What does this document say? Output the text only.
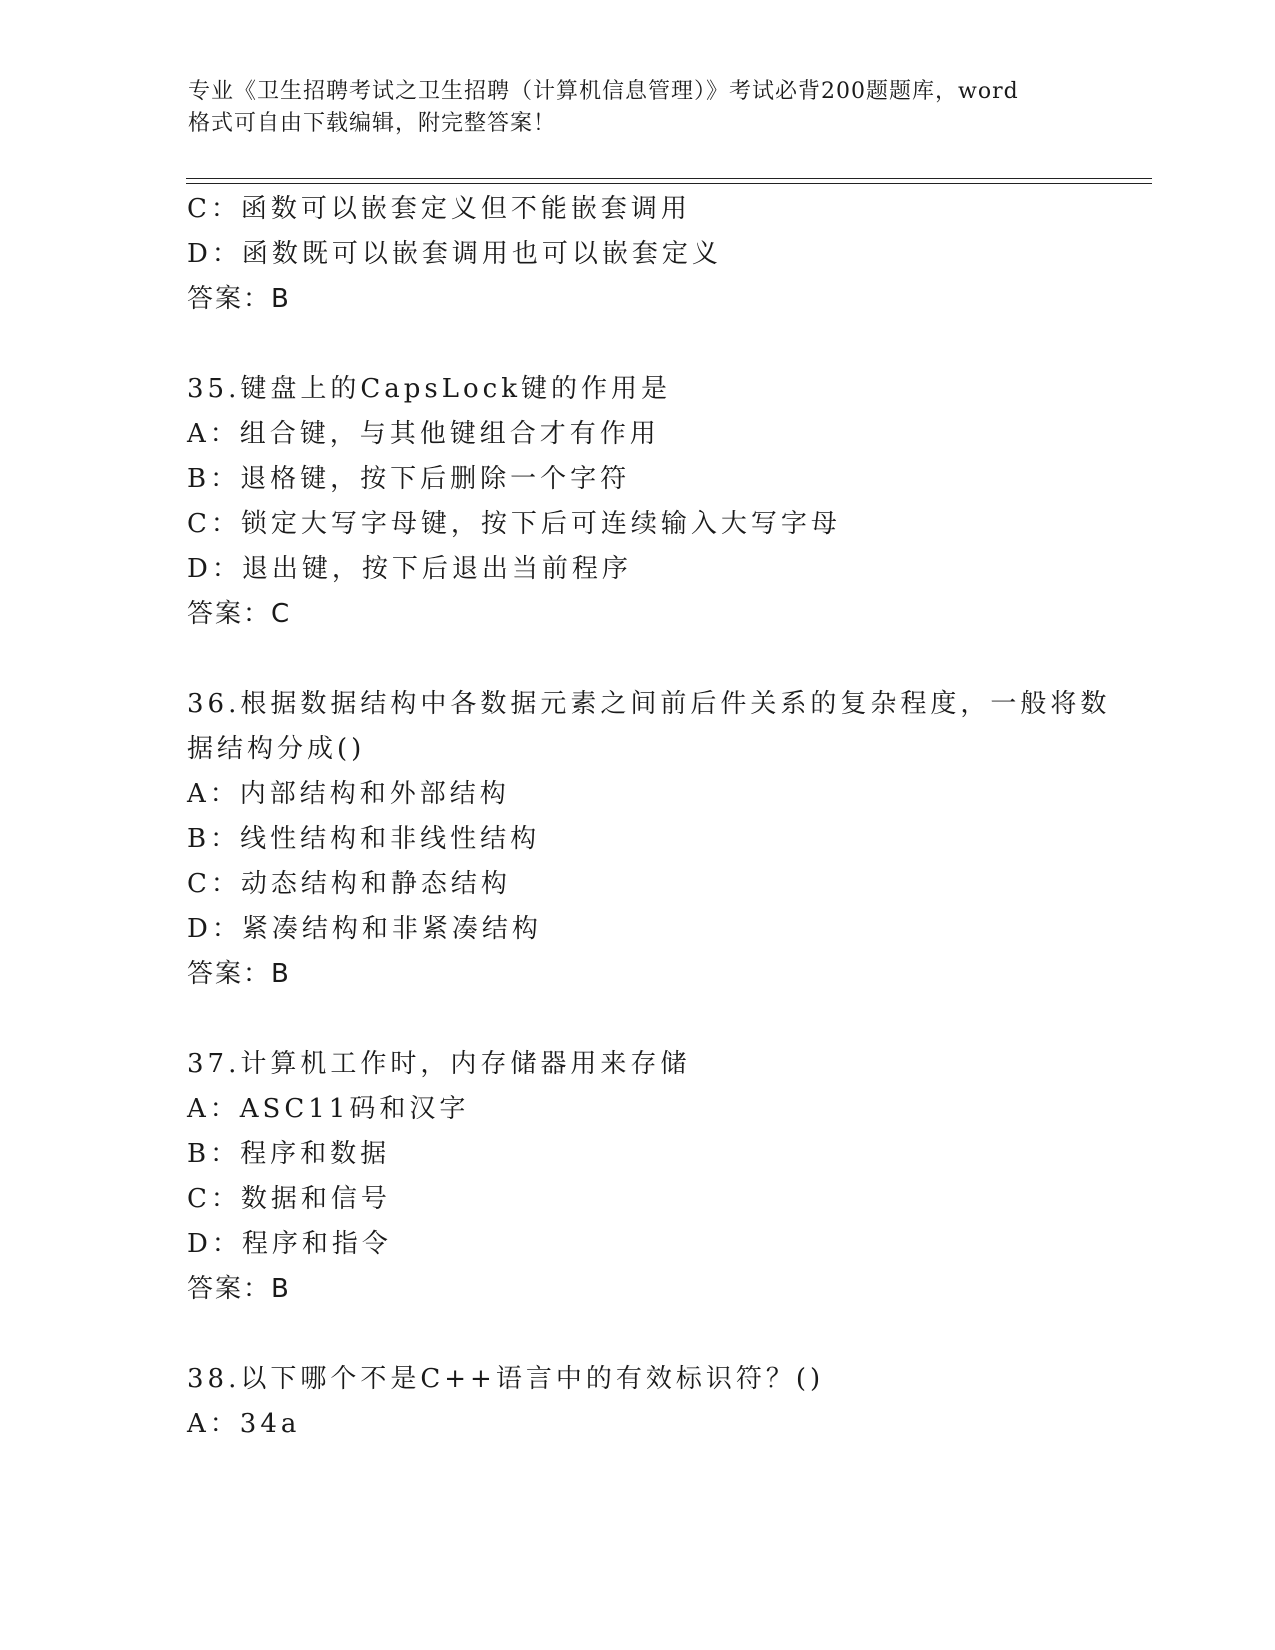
专业《卫生招聘考试之卫生招聘（计算机信息管理）》考试必背200题题库，word
格式可自由下载编辑，附完整答案！
C：函数可以嵌套定义但不能嵌套调用
D：函数既可以嵌套调用也可以嵌套定义
答案：B
35.键盘上的CapsLock键的作用是
A：组合键，与其他键组合才有作用
B：退格键，按下后删除一个字符
C：锁定大写字母键，按下后可连续输入大写字母
D：退出键，按下后退出当前程序
答案：C
36.根据数据结构中各数据元素之间前后件关系的复杂程度，一般将数
据结构分成()
A：内部结构和外部结构
B：线性结构和非线性结构
C：动态结构和静态结构
D：紧凑结构和非紧凑结构
答案：B
37.计算机工作时，内存储器用来存储
A：ASC11码和汉字
B：程序和数据
C：数据和信号
D：程序和指令
答案：B
38.以下哪个不是C++语言中的有效标识符？()
A：34a
